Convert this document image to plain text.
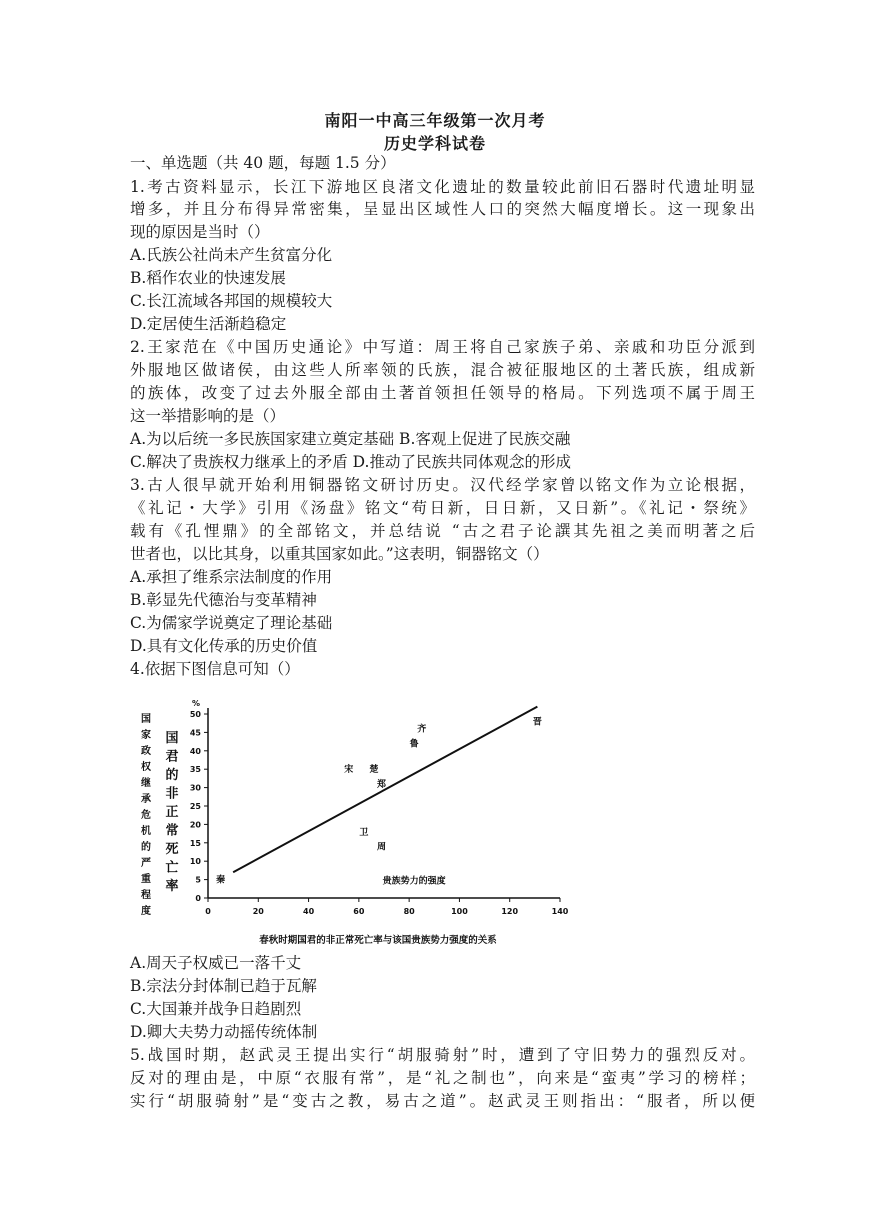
南阳一中高三年级第一次月考
历史学科试卷
一、单选题（共 40 题，每题 1.5 分）
1.考古资料显示，长江下游地区良渚文化遗址的数量较此前旧石器时代遗址明显
增多，并且分布得异常密集，呈显出区域性人口的突然大幅度增长。这一现象出
现的原因是当时（）
A.氏族公社尚未产生贫富分化
B.稻作农业的快速发展
C.长江流域各邦国的规模较大
D.定居使生活渐趋稳定
2.王家范在《中国历史通论》中写道：周王将自己家族子弟、亲戚和功臣分派到
外服地区做诸侯，由这些人所率领的氏族，混合被征服地区的土著氏族，组成新
的族体，改变了过去外服全部由土著首领担任领导的格局。下列选项不属于周王
这一举措影响的是（）
A.为以后统一多民族国家建立奠定基础 B.客观上促进了民族交融
C.解决了贵族权力继承上的矛盾 D.推动了民族共同体观念的形成
3.古人很早就开始利用铜器铭文研讨历史。汉代经学家曾以铭文作为立论根据，
《礼记・大学》引用《汤盘》铭文“苟日新，日日新，又日新”。《礼记・祭统》
载有《孔悝鼎》的全部铭文，并总结说 “古之君子论譔其先祖之美而明著之后
世者也，以比其身，以重其国家如此。”这表明，铜器铭文（）
A.承担了维系宗法制度的作用
B.彰显先代德治与变革精神
C.为儒家学说奠定了理论基础
D.具有文化传承的历史价值
4.依据下图信息可知（）
0	20	40	60	80	100	120	140
0
5
10
15
20
25
30
35
40
45
50
%
国
家
政
权
继
承
危
机
的
严
重
程
度
国
君
的
非
正
常
死
亡
率	秦
宋 楚
郑
卫
周
齐
鲁
晋
贵族势力的强度
春秋时期国君的非正常死亡率与该国贵族势力强度的关系
A.周天子权威已一落千丈
B.宗法分封体制已趋于瓦解
C.大国兼并战争日趋剧烈
D.卿大夫势力动摇传统体制
5.战国时期，赵武灵王提出实行“胡服骑射”时，遭到了守旧势力的强烈反对。
反对的理由是，中原“衣服有常”，是“礼之制也”，向来是“蛮夷”学习的榜样；
实行“胡服骑射”是“变古之教，易古之道”。赵武灵王则指出：“服者，所以便
